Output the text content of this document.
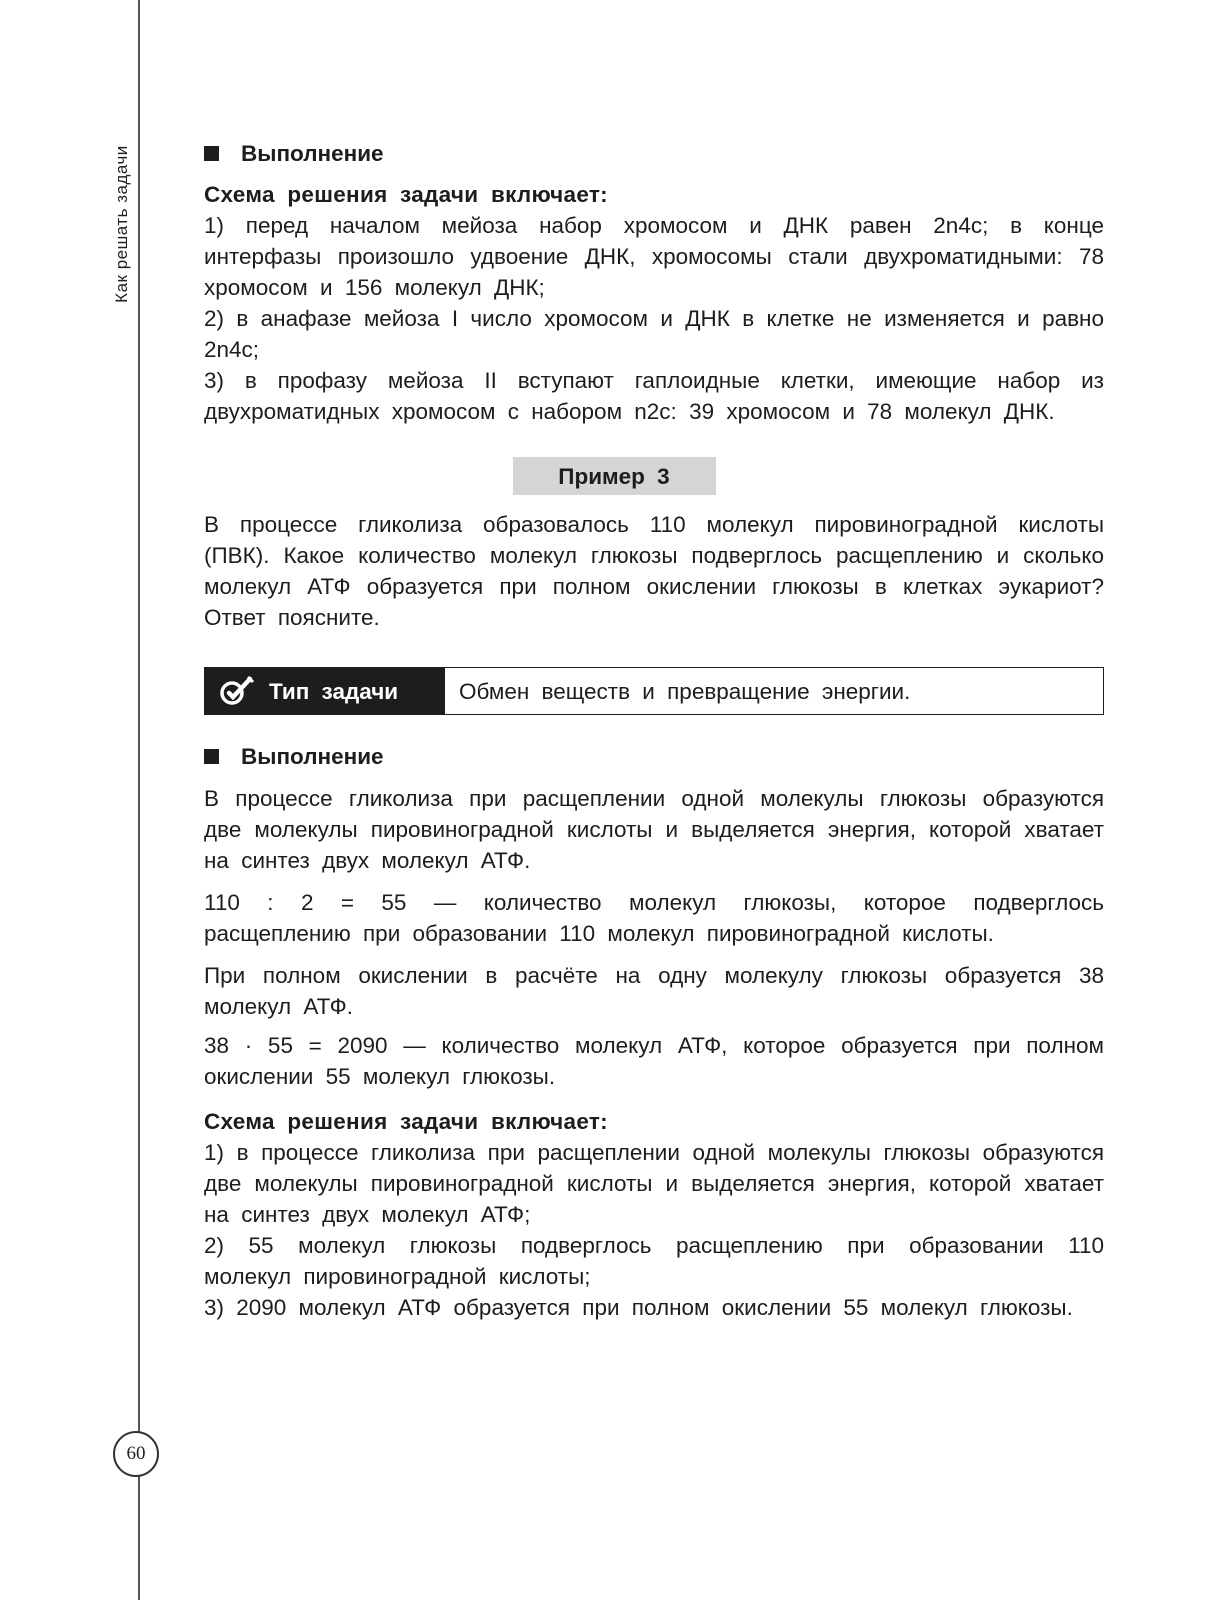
Как решать задачи
60
Выполнение
Схема решения задачи включает:

1) перед началом мейоза набор хромосом и ДНК равен 2n4c; в конце интерфазы произошло удвоение ДНК, хромосомы стали двухроматидными: 78 хромосом и 156 молекул ДНК;

2) в анафазе мейоза I число хромосом и ДНК в клетке не изменяется и равно 2n4c;

3) в профазу мейоза II вступают гаплоидные клетки, имеющие набор из двухроматидных хромосом с набором n2c: 39 хромосом и 78 молекул ДНК.

Пример 3

В процессе гликолиза образовалось 110 молекул пировиноградной кислоты (ПВК). Какое количество молекул глюкозы подверглось расщеплению и сколько молекул АТФ образуется при полном окислении глюкозы в клетках эукариот? Ответ поясните.

Тип задачи	Обмен веществ и превращение энергии.
Выполнение

В процессе гликолиза при расщеплении одной молекулы глюкозы образуются две молекулы пировиноградной кислоты и выделяется энергия, которой хватает на синтез двух молекул АТФ.

110 : 2 = 55 — количество молекул глюкозы, которое подверглось расщеплению при образовании 110 молекул пировиноградной кислоты.

При полном окислении в расчёте на одну молекулу глюкозы образуется 38 молекул АТФ.

38 · 55 = 2090 — количество молекул АТФ, которое образуется при полном окислении 55 молекул глюкозы.

Схема решения задачи включает:

1) в процессе гликолиза при расщеплении одной молекулы глюкозы образуются две молекулы пировиноградной кислоты и выделяется энергия, которой хватает на синтез двух молекул АТФ;

2) 55 молекул глюкозы подверглось расщеплению при образовании 110 молекул пировиноградной кислоты;

3) 2090 молекул АТФ образуется при полном окислении 55 молекул глюкозы.
